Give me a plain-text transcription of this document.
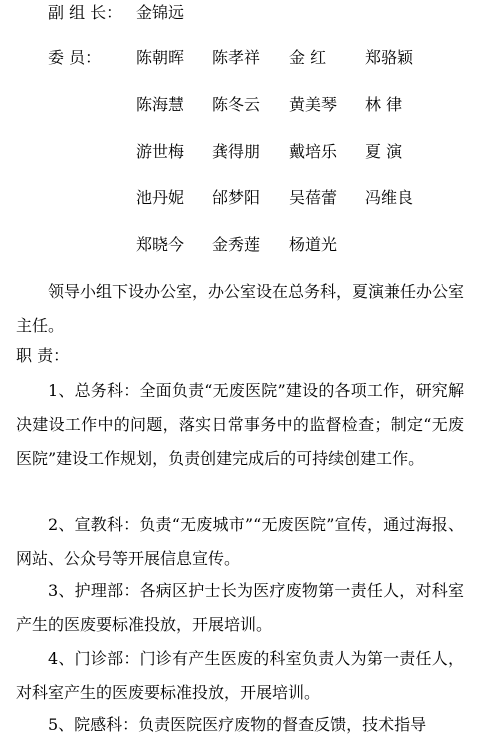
副 组 长： 金锦远
委 员： 陈朝晖 陈孝祥 金 红 郑骆颖
陈海慧 陈冬云 黄美琴 林 律
游世梅 龚得朋 戴培乐 夏 演
池丹妮 邰梦阳 吴蓓蕾 冯维良
郑晓今 金秀莲 杨道光

领导小组下设办公室，办公室设在总务科，夏演兼任办公室主任。

职 责：

1、总务科：全面负责“无废医院”建设的各项工作，研究解决建设工作中的问题，落实日常事务中的监督检查；制定“无废医院”建设工作规划，负责创建完成后的可持续创建工作。

2、宣教科：负责“无废城市”“无废医院”宣传，通过海报、网站、公众号等开展信息宣传。

3、护理部：各病区护士长为医疗废物第一责任人，对科室产生的医废要标准投放，开展培训。

4、门诊部：门诊有产生医废的科室负责人为第一责任人，对科室产生的医废要标准投放，开展培训。

5、院感科：负责医院医疗废物的督查反馈，技术指导
